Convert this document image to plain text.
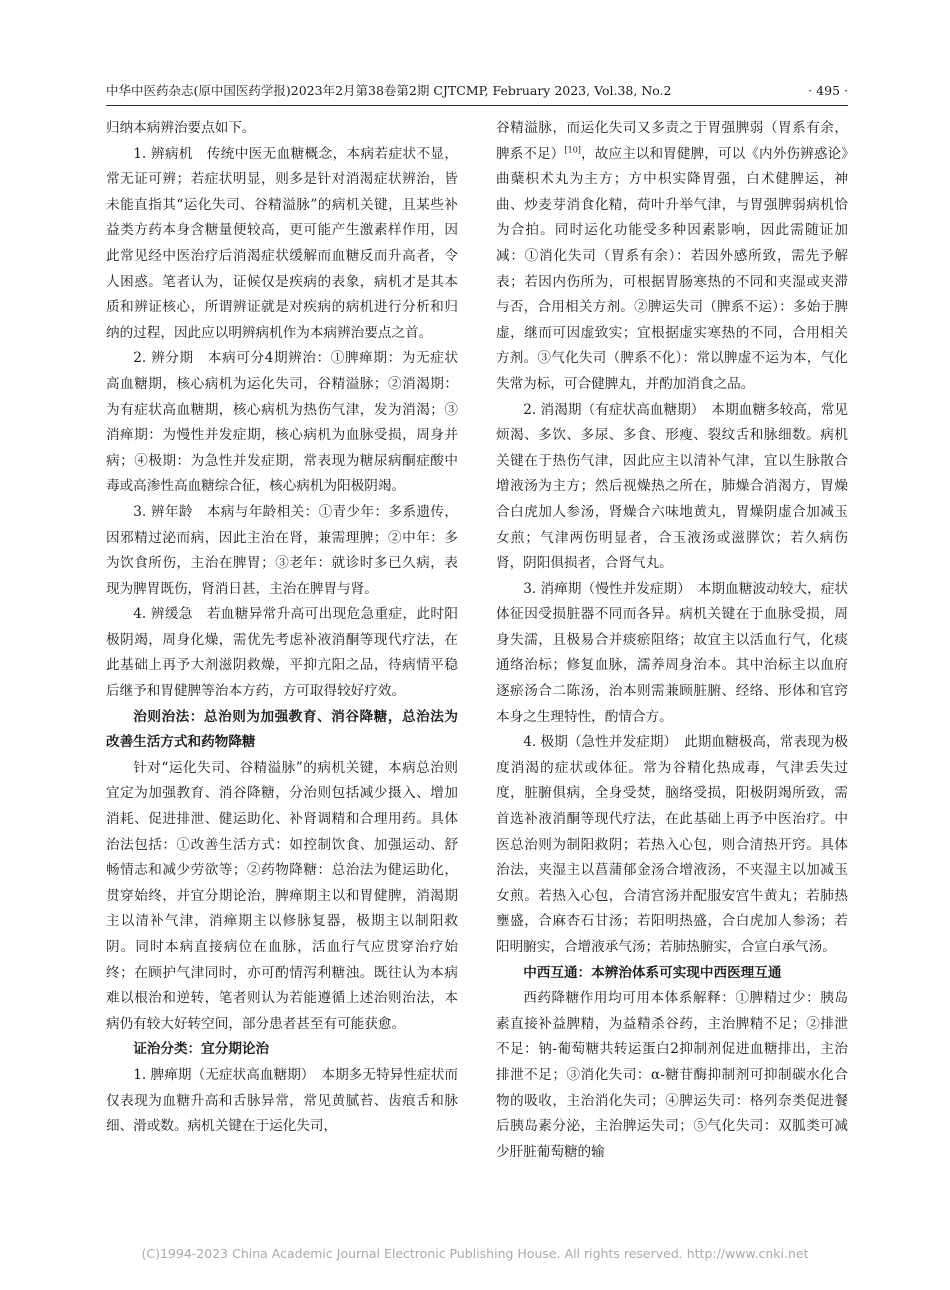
中华中医药杂志(原中国医药学报)2023年2月第38卷第2期 CJTCMP, February 2023, Vol.38, No.2	· 495 ·

归纳本病辨治要点如下。

1. 辨病机　传统中医无血糖概念，本病若症状不显，常无证可辨；若症状明显，则多是针对消渴症状辨治，皆未能直指其“运化失司、谷精溢脉”的病机关键，且某些补益类方药本身含糖量便较高，更可能产生激素样作用，因此常见经中医治疗后消渴症状缓解而血糖反而升高者，令人困惑。笔者认为，证候仅是疾病的表象，病机才是其本质和辨证核心，所谓辨证就是对疾病的病机进行分析和归纳的过程，因此应以明辨病机作为本病辨治要点之首。

2. 辨分期　本病可分4期辨治：①脾瘅期：为无症状高血糖期，核心病机为运化失司，谷精溢脉；②消渴期：为有症状高血糖期，核心病机为热伤气津，发为消渴；③消瘅期：为慢性并发症期，核心病机为血脉受损，周身并病；④极期：为急性并发症期，常表现为糖尿病酮症酸中毒或高渗性高血糖综合征，核心病机为阳极阴竭。

3. 辨年龄　本病与年龄相关：①青少年：多系遗传，因邪精过泌而病，因此主治在肾，兼需理脾；②中年：多为饮食所伤，主治在脾胃；③老年：就诊时多已久病，表现为脾胃既伤，肾消日甚，主治在脾胃与肾。

4. 辨缓急　若血糖异常升高可出现危急重症，此时阳极阴竭，周身化燥，需优先考虑补液消酮等现代疗法，在此基础上再予大剂滋阴救燥，平抑亢阳之品，待病情平稳后继予和胃健脾等治本方药，方可取得较好疗效。

治则治法：总治则为加强教育、消谷降糖，总治法为改善生活方式和药物降糖

针对“运化失司、谷精溢脉”的病机关键，本病总治则宜定为加强教育、消谷降糖，分治则包括减少摄入、增加消耗、促进排泄、健运助化、补肾调精和合理用药。具体治法包括：①改善生活方式：如控制饮食、加强运动、舒畅情志和减少劳欲等；②药物降糖：总治法为健运助化，贯穿始终，并宜分期论治，脾瘅期主以和胃健脾，消渴期主以清补气津，消瘅期主以修脉复器，极期主以制阳救阴。同时本病直接病位在血脉，活血行气应贯穿治疗始终；在顾护气津同时，亦可酌情泻利糖浊。既往认为本病难以根治和逆转，笔者则认为若能遵循上述治则治法，本病仍有较大好转空间，部分患者甚至有可能获愈。

证治分类：宜分期论治

1. 脾瘅期（无症状高血糖期）　本期多无特异性症状而仅表现为血糖升高和舌脉异常，常见黄腻苔、齿痕舌和脉细、滑或数。病机关键在于运化失司，

谷精溢脉，而运化失司又多责之于胃强脾弱（胃系有余，脾系不足）[10]，故应主以和胃健脾，可以《内外伤辨惑论》曲蘖枳术丸为主方；方中枳实降胃强，白术健脾运，神曲、炒麦芽消食化精，荷叶升举气津，与胃强脾弱病机恰为合拍。同时运化功能受多种因素影响，因此需随证加减：①消化失司（胃系有余）：若因外感所致，需先予解表；若因内伤所为，可根据胃肠寒热的不同和夹湿或夹滞与否，合用相关方剂。②脾运失司（脾系不运）：多始于脾虚，继而可因虚致实；宜根据虚实寒热的不同，合用相关方剂。③气化失司（脾系不化）：常以脾虚不运为本，气化失常为标，可合健脾丸，并酌加消食之品。

2. 消渴期（有症状高血糖期）　本期血糖多较高，常见烦渴、多饮、多尿、多食、形瘦、裂纹舌和脉细数。病机关键在于热伤气津，因此应主以清补气津，宜以生脉散合增液汤为主方；然后视燥热之所在，肺燥合消渴方，胃燥合白虎加人参汤，肾燥合六味地黄丸，胃燥阴虚合加减玉女煎；气津两伤明显者，合玉液汤或滋膵饮；若久病伤肾，阴阳俱损者，合肾气丸。

3. 消瘅期（慢性并发症期）　本期血糖波动较大，症状体征因受损脏器不同而各异。病机关键在于血脉受损，周身失濡，且极易合并痰瘀阻络；故宜主以活血行气，化痰通络治标；修复血脉，濡养周身治本。其中治标主以血府逐瘀汤合二陈汤，治本则需兼顾脏腑、经络、形体和官窍本身之生理特性，酌情合方。

4. 极期（急性并发症期）　此期血糖极高，常表现为极度消渴的症状或体征。常为谷精化热成毒，气津丢失过度，脏腑俱病，全身受焚，脑络受损，阳极阴竭所致，需首选补液消酮等现代疗法，在此基础上再予中医治疗。中医总治则为制阳救阴；若热入心包，则合清热开窍。具体治法，夹湿主以菖蒲郁金汤合增液汤，不夹湿主以加减玉女煎。若热入心包，合清宫汤并配服安宫牛黄丸；若肺热壅盛，合麻杏石甘汤；若阳明热盛，合白虎加人参汤；若阳明腑实，合增液承气汤；若肺热腑实，合宣白承气汤。

中西互通：本辨治体系可实现中西医理互通

西药降糖作用均可用本体系解释：①脾精过少：胰岛素直接补益脾精，为益精杀谷药，主治脾精不足；②排泄不足：钠-葡萄糖共转运蛋白2抑制剂促进血糖排出，主治排泄不足；③消化失司：α-糖苷酶抑制剂可抑制碳水化合物的吸收，主治消化失司；④脾运失司：格列奈类促进餐后胰岛素分泌，主治脾运失司；⑤气化失司：双胍类可减少肝脏葡萄糖的输

(C)1994-2023 China Academic Journal Electronic Publishing House. All rights reserved. http://www.cnki.net
